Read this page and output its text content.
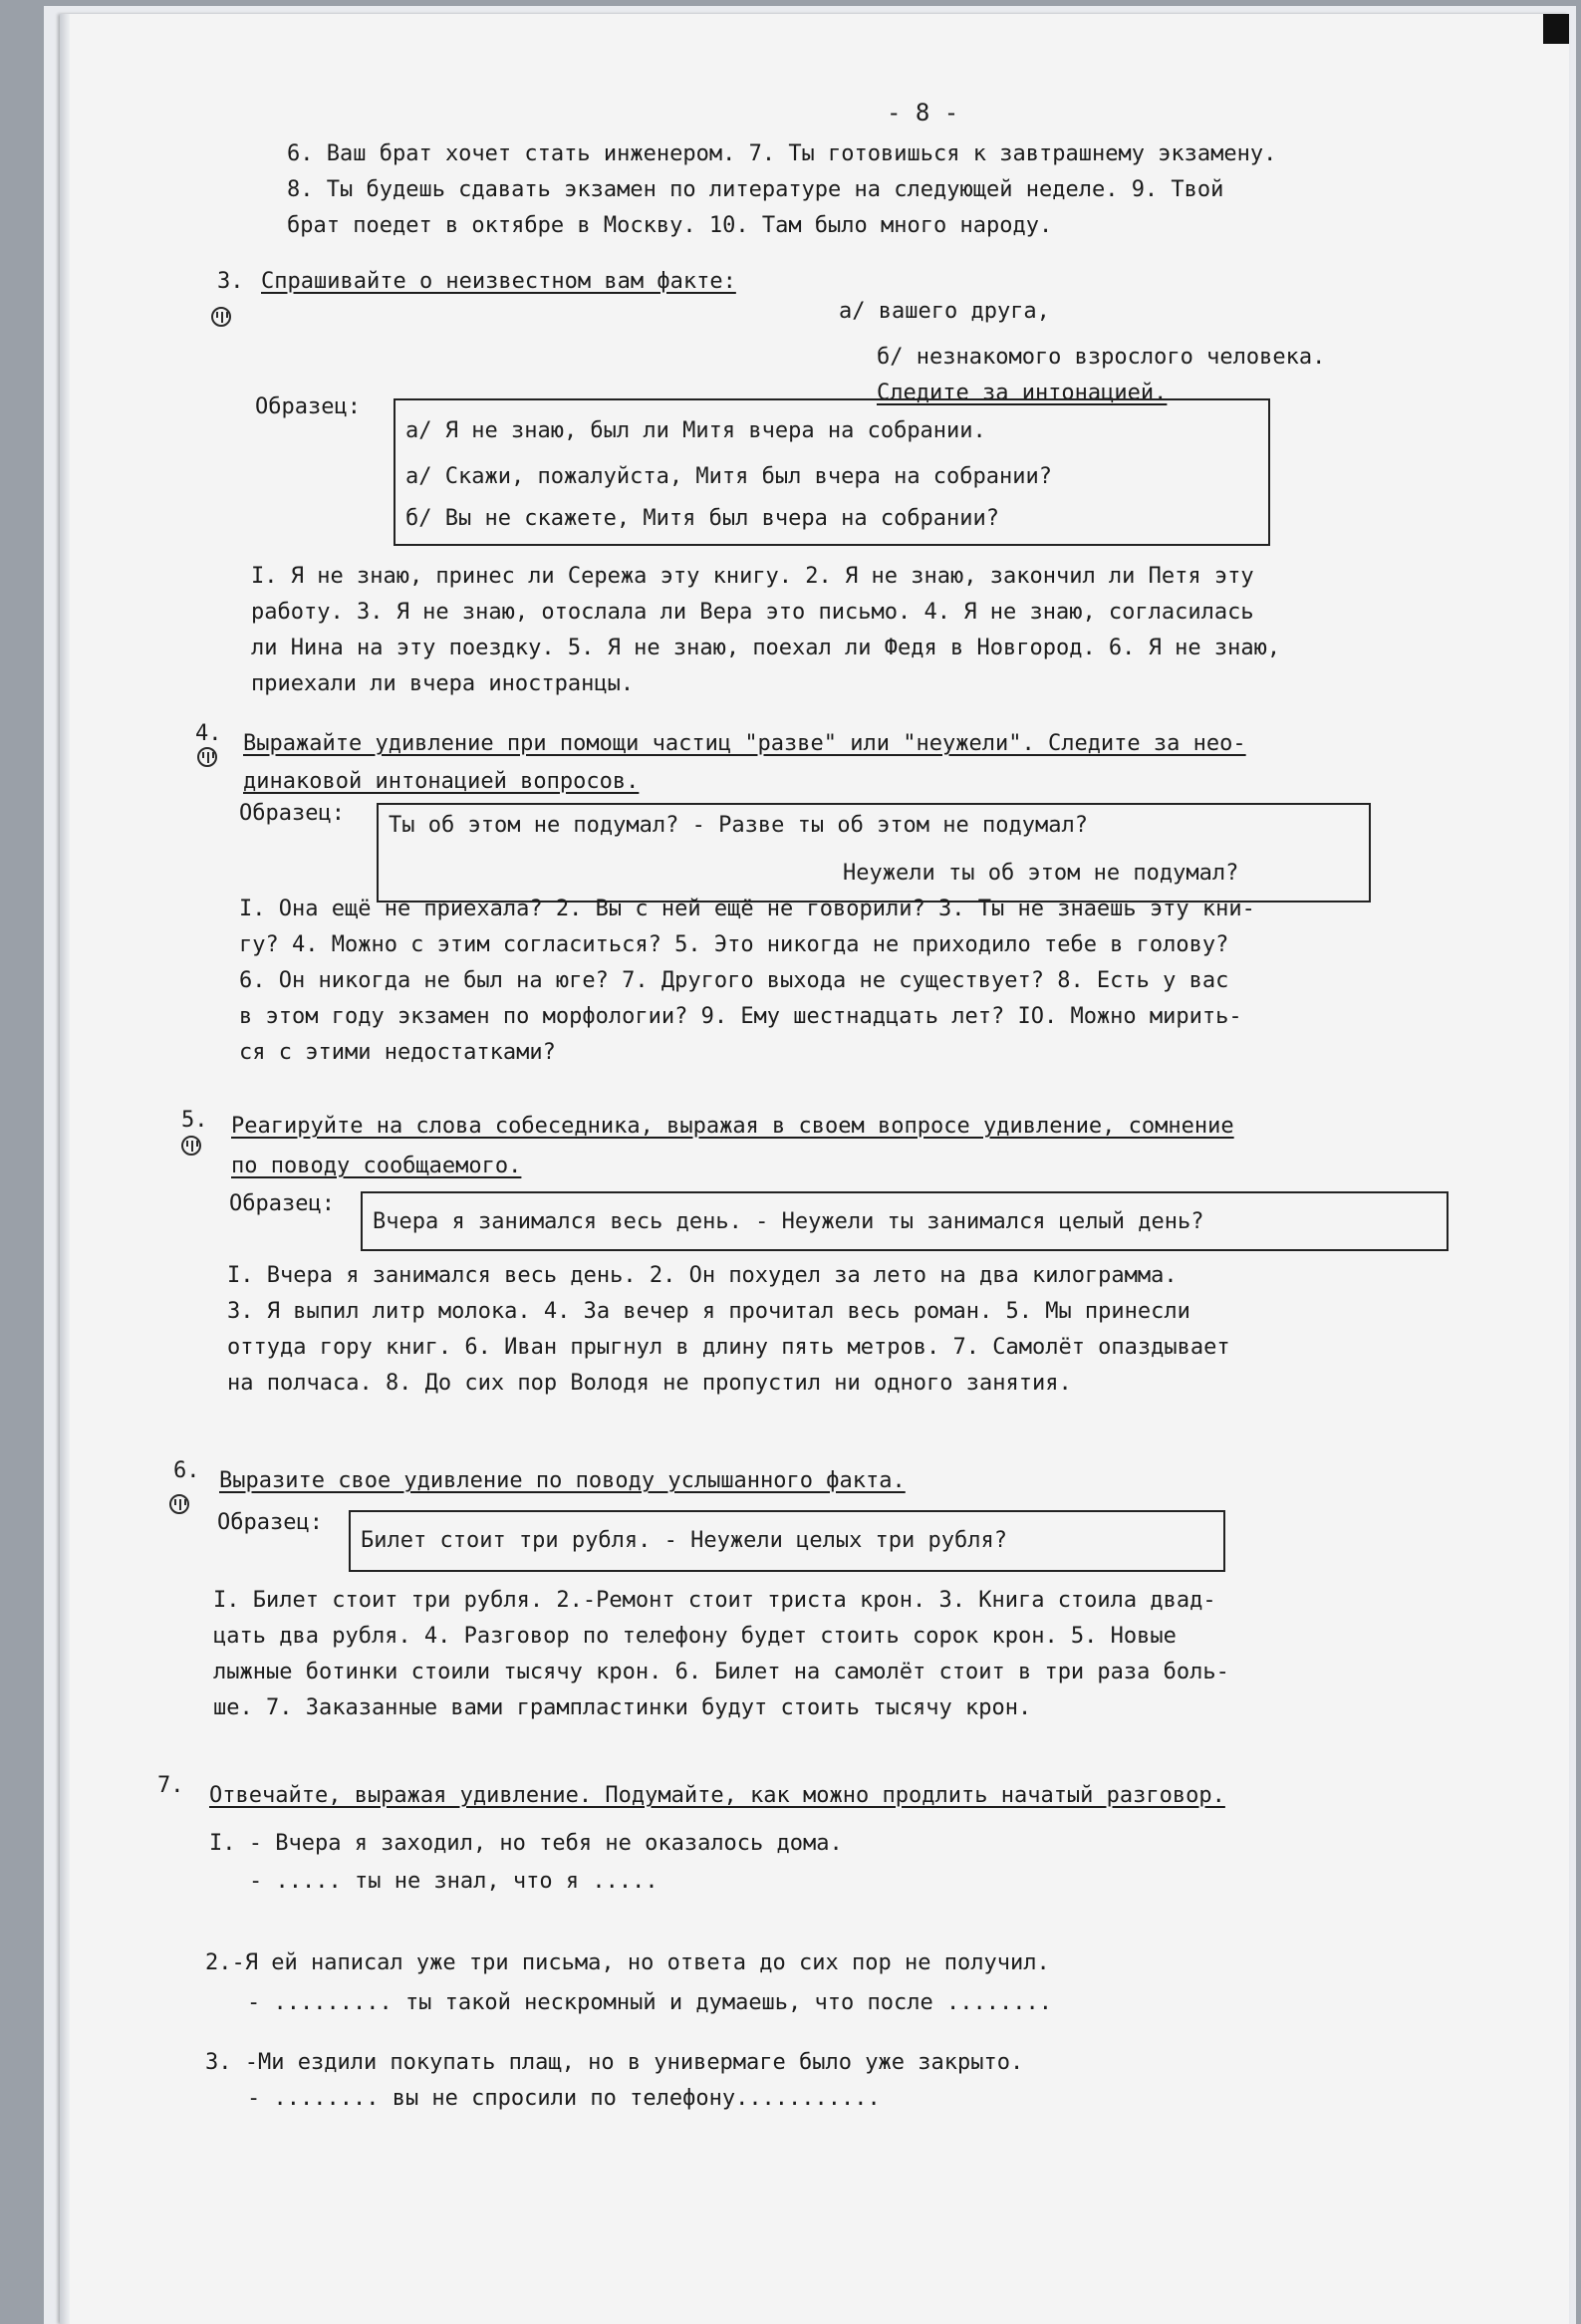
- 8 -
6. Ваш брат хочет стать инженером. 7. Ты готовишься к завтрашнему экзамену.
8. Ты будешь сдавать экзамен по литературе на следующей неделе. 9. Твой
брат поедет в октябре в Москву. 10. Там было много народу.
3. Спрашивайте о неизвестном вам факте:
а/ вашего друга,
б/ незнакомого взрослого человека.
Следите за интонацией.
Образец:
а/ Я не знаю, был ли Митя вчера на собрании.
а/ Скажи, пожалуйста, Митя был вчера на собрании?
б/ Вы не скажете, Митя был вчера на собрании?
I. Я не знаю, принес ли Сережа эту книгу. 2. Я не знаю, закончил ли Петя эту
работу. 3. Я не знаю, отослала ли Вера это письмо. 4. Я не знаю, согласилась
ли Нина на эту поездку. 5. Я не знаю, поехал ли Федя в Новгород. 6. Я не знаю,
приехали ли вчера иностранцы.
4. Выражайте удивление при помощи частиц "разве" или "неужели". Следите за нео-
динаковой интонацией вопросов.
Образец: Ты об этом не подумал? - Разве ты об этом не подумал?
Неужели ты об этом не подумал?
I. Она ещё не приехала? 2. Вы с ней ещё не говорили? 3. Ты не знаешь эту кни-
гу? 4. Можно с этим согласиться? 5. Это никогда не приходило тебе в голову?
6. Он никогда не был на юге? 7. Другого выхода не существует? 8. Есть у вас
в этом году экзамен по морфологии? 9. Ему шестнадцать лет? IO. Можно мирить-
ся с этими недостатками?
5. Реагируйте на слова собеседника, выражая в своем вопросе удивление, сомнение
по поводу сообщаемого.
Образец:
Вчера я занимался весь день. - Неужели ты занимался целый день?
I. Вчера я занимался весь день. 2. Он похудел за лето на два килограмма.
3. Я выпил литр молока. 4. За вечер я прочитал весь роман. 5. Мы принесли
оттуда гору книг. 6. Иван прыгнул в длину пять метров. 7. Самолёт опаздывает
на полчаса. 8. До сих пор Володя не пропустил ни одного занятия.
6. Выразите свое удивление по поводу услышанного факта.
Образец:
Билет стоит три рубля. - Неужели целых три рубля?
I. Билет стоит три рубля. 2.-Ремонт стоит триста крон. 3. Книга стоила двад-
цать два рубля. 4. Разговор по телефону будет стоить сорок крон. 5. Новые
лыжные ботинки стоили тысячу крон. 6. Билет на самолёт стоит в три раза боль-
ше. 7. Заказанные вами грампластинки будут стоить тысячу крон.
7. Отвечайте, выражая удивление. Подумайте, как можно продлить начатый разговор.
I. - Вчера я заходил, но тебя не оказалось дома.
- ..... ты не знал, что я .....
2.-Я ей написал уже три письма, но ответа до сих пор не получил.
- ......... ты такой нескромный и думаешь, что после ........
3. -Ми ездили покупать плащ, но в универмаге было уже закрыто.
- ........ вы не спросили по телефону...........
